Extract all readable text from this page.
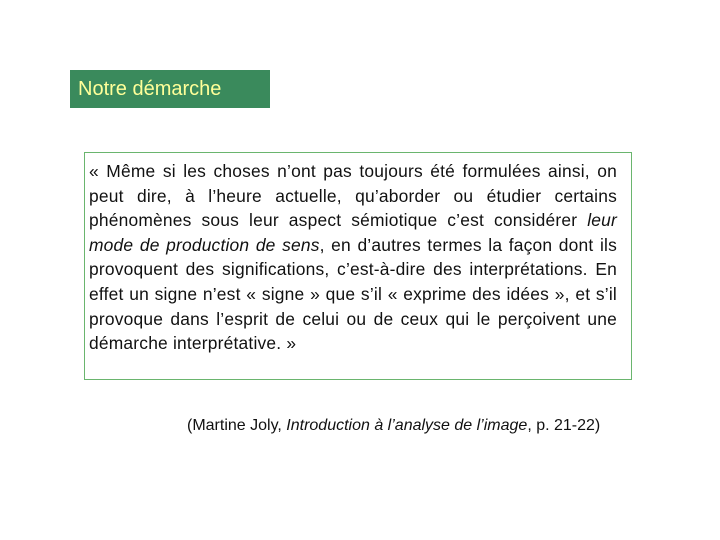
Notre démarche

« Même si les choses n’ont pas toujours été formulées ainsi, on peut dire, à l’heure actuelle, qu’aborder ou étudier certains phénomènes sous leur aspect sémiotique c’est considérer leur mode de production de sens, en d’autres termes la façon dont ils provoquent des significations, c’est-à-dire des interprétations. En effet un signe n’est « signe » que s’il « exprime des idées », et s’il provoque dans l’esprit de celui ou de ceux qui le perçoivent une démarche interprétative. »

(Martine Joly, Introduction à l’analyse de l’image, p. 21-22)
